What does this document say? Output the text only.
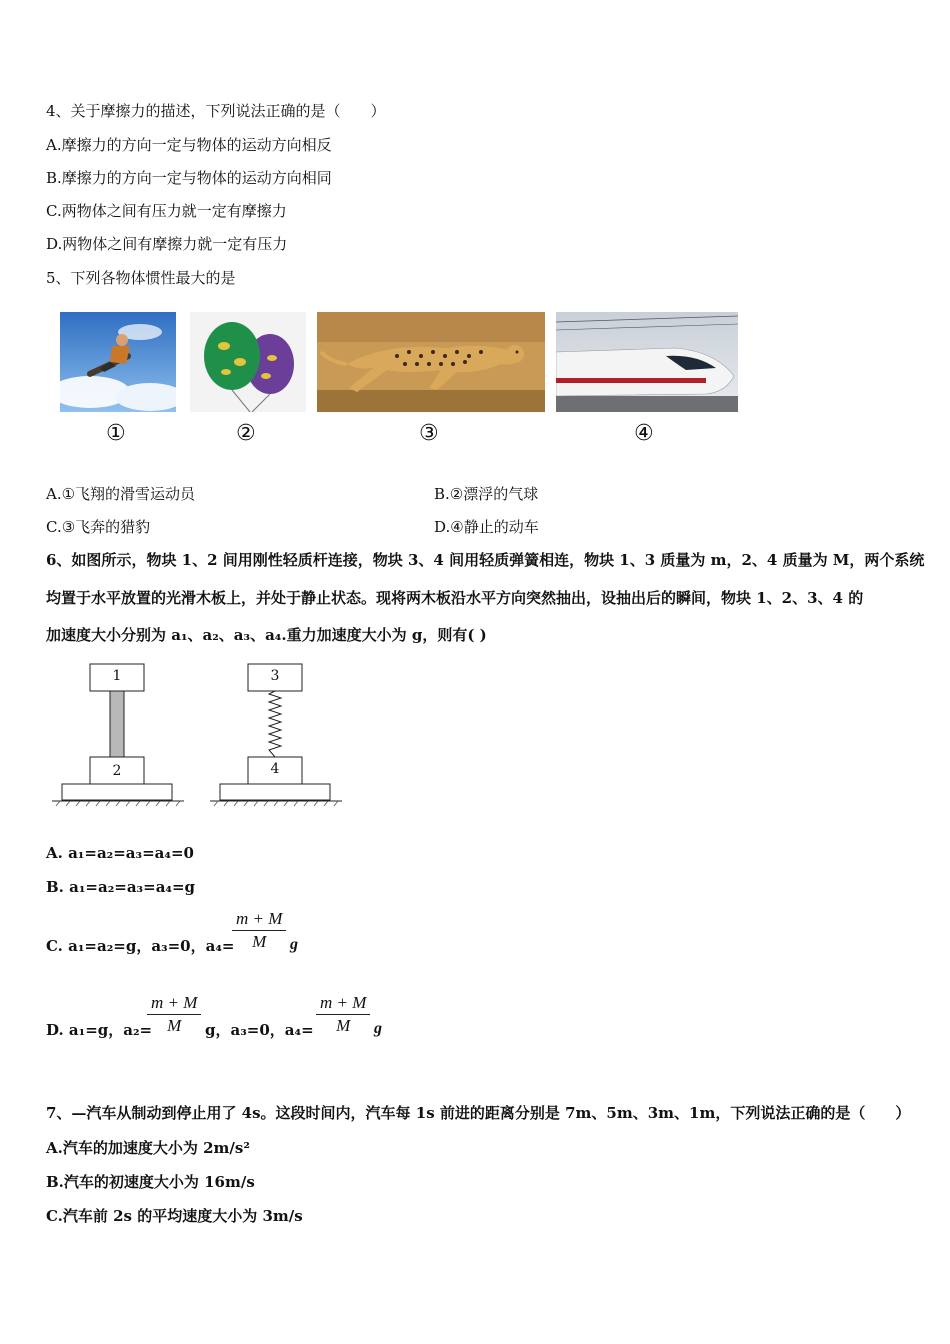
4、关于摩擦力的描述，下列说法正确的是（　　）
A.摩擦力的方向一定与物体的运动方向相反
B.摩擦力的方向一定与物体的运动方向相同
C.两物体之间有压力就一定有摩擦力
D.两物体之间有摩擦力就一定有压力
5、下列各物体惯性最大的是
①	②	③	④
A.①飞翔的滑雪运动员	B.②漂浮的气球
C.③飞奔的猎豹	D.④静止的动车
6、如图所示，物块 1、2 间用刚性轻质杆连接，物块 3、4 间用轻质弹簧相连，物块 1、3 质量为 m，2、4 质量为 M，两个系统
均置于水平放置的光滑木板上，并处于静止状态。现将两木板沿水平方向突然抽出，设抽出后的瞬间，物块 1、2、3、4 的
加速度大小分别为 a₁、a₂、a₃、a₄.重力加速度大小为 g，则有( )
1
2
3
4
A. a₁=a₂=a₃=a₄=0
B. a₁=a₂=a₃=a₄=g
C. a₁=a₂=g，a₃=0，a₄=
$\frac{m + M}{M}$ g
D. a₁=g，a₂=
$\frac{m + M}{M}$ g，a₃=0，$a_4= \frac{m + M}{M}$ g
7、—汽车从制动到停止用了 4s。这段时间内，汽车每 1s 前进的距离分别是 7m、5m、3m、1m，下列说法正确的是（　　）
A.汽车的加速度大小为 2m/s²
B.汽车的初速度大小为 16m/s
C.汽车前 2s 的平均速度大小为 3m/s
